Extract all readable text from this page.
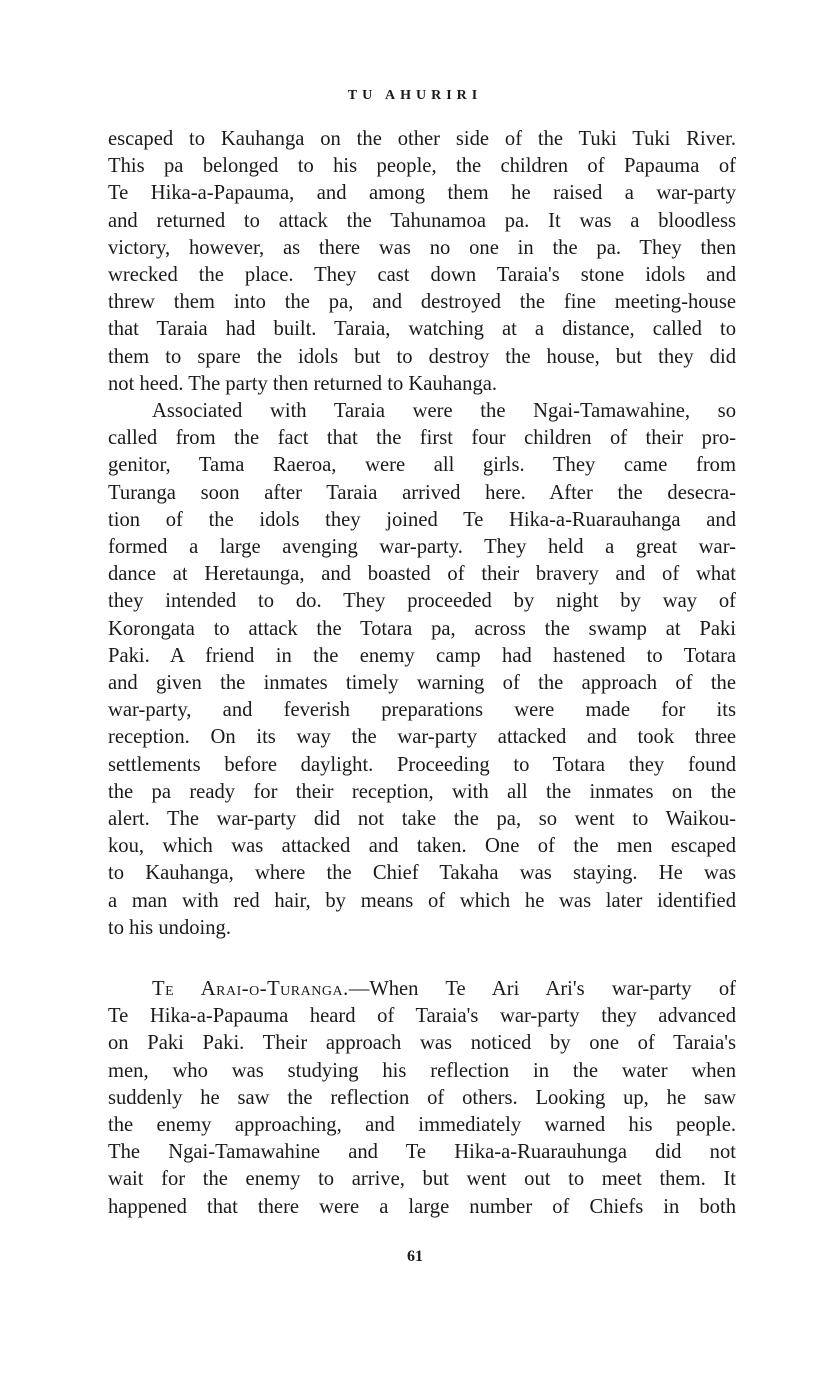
TU AHURIRI
escaped to Kauhanga on the other side of the Tuki Tuki River.
This pa belonged to his people, the children of Papauma of
Te Hika-a-Papauma, and among them he raised a war-party
and returned to attack the Tahunamoa pa. It was a bloodless
victory, however, as there was no one in the pa. They then
wrecked the place. They cast down Taraia's stone idols and
threw them into the pa, and destroyed the fine meeting-house
that Taraia had built. Taraia, watching at a distance, called to
them to spare the idols but to destroy the house, but they did
not heed. The party then returned to Kauhanga.
Associated with Taraia were the Ngai-Tamawahine, so
called from the fact that the first four children of their pro-
genitor, Tama Raeroa, were all girls. They came from
Turanga soon after Taraia arrived here. After the desecra-
tion of the idols they joined Te Hika-a-Ruarauhanga and
formed a large avenging war-party. They held a great war-
dance at Heretaunga, and boasted of their bravery and of what
they intended to do. They proceeded by night by way of
Korongata to attack the Totara pa, across the swamp at Paki
Paki. A friend in the enemy camp had hastened to Totara
and given the inmates timely warning of the approach of the
war-party, and feverish preparations were made for its
reception. On its way the war-party attacked and took three
settlements before daylight. Proceeding to Totara they found
the pa ready for their reception, with all the inmates on the
alert. The war-party did not take the pa, so went to Waikou-
kou, which was attacked and taken. One of the men escaped
to Kauhanga, where the Chief Takaha was staying. He was
a man with red hair, by means of which he was later identified
to his undoing.
Te Arai-o-Turanga.—When Te Ari Ari's war-party of
Te Hika-a-Papauma heard of Taraia's war-party they advanced
on Paki Paki. Their approach was noticed by one of Taraia's
men, who was studying his reflection in the water when
suddenly he saw the reflection of others. Looking up, he saw
the enemy approaching, and immediately warned his people.
The Ngai-Tamawahine and Te Hika-a-Ruarauhunga did not
wait for the enemy to arrive, but went out to meet them. It
happened that there were a large number of Chiefs in both
61
